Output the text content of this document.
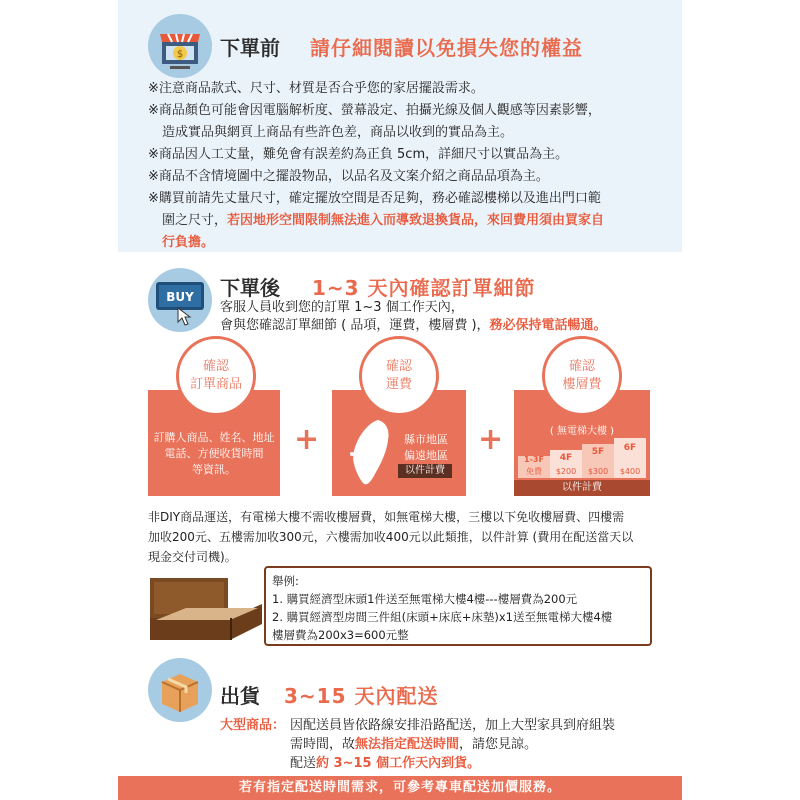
$ 下單前 請仔細閱讀以免損失您的權益

※注意商品款式、尺寸、材質是否合乎您的家居擺設需求。

※商品顏色可能會因電腦解析度、螢幕設定、拍攝光線及個人觀感等因素影響，

造成實品與網頁上商品有些許色差，商品以收到的實品為主。

※商品因人工丈量，難免會有誤差約為正負 5cm，詳細尺寸以實品為主。

※商品不含情境圖中之擺設物品，以品名及文案介紹之商品品項為主。

※購買前請先丈量尺寸，確定擺放空間是否足夠，務必確認樓梯以及進出門口範

圍之尺寸，若因地形空間限制無法進入而導致退換貨品，來回費用須由買家自

行負擔。

BUY 下單後 1~3 天內確認訂單細節
客服人員收到您的訂單 1~3 個工作天內，
會與您確認訂單細節 ( 品項，運費，樓層費 )，務必保持電話暢通。
確認
訂單商品
確認
運費
確認
樓層費
訂購人商品、姓名、地址
電話、方便收貨時間
等資訊。
+	+
縣市地區
偏遠地區
以件計費
( 無電梯大樓 )
1-3F
免費
4F
$200
5F
$300
6F
$400
以件計費
非DIY商品運送，有電梯大樓不需收樓層費，如無電梯大樓，三樓以下免收樓層費、四樓需
加收200元、五樓需加收300元，六樓需加收400元以此類推，以件計算 (費用在配送當天以
現金交付司機)。
舉例:
1. 購買經濟型床頭1件送至無電梯大樓4樓---樓層費為200元
2. 購買經濟型房間三件組(床頭+床底+床墊)x1送至無電梯大樓4樓
樓層費為200x3=600元整
出貨 3~15 天內配送
大型商品： 因配送員皆依路線安排沿路配送，加上大型家具到府組裝
需時間，故無法指定配送時間，請您見諒。
配送約 3~15 個工作天內到貨。
若有指定配送時間需求，可參考專車配送加價服務。
